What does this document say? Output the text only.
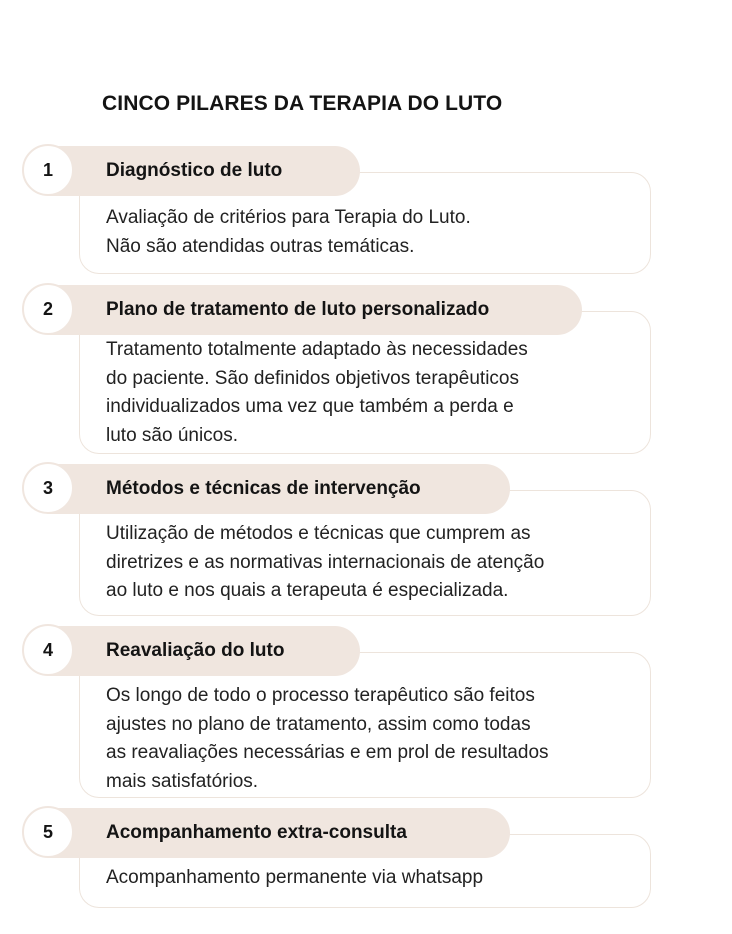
CINCO PILARES DA TERAPIA DO LUTO
Diagnóstico de luto
1
Avaliação de critérios para Terapia do Luto.
Não são atendidas outras temáticas.
Plano de tratamento de luto personalizado
2
Tratamento totalmente adaptado às necessidades
do paciente. São definidos objetivos terapêuticos
individualizados uma vez que também a perda e
luto são únicos.
Métodos e técnicas de intervenção
3
Utilização de métodos e técnicas que cumprem as
diretrizes e as normativas internacionais de atenção
ao luto e nos quais a terapeuta é especializada.
Reavaliação do luto
4
Os longo de todo o processo terapêutico são feitos
ajustes no plano de tratamento, assim como todas
as reavaliações necessárias e em prol de resultados
mais satisfatórios.
Acompanhamento extra-consulta
5
Acompanhamento permanente via whatsapp
